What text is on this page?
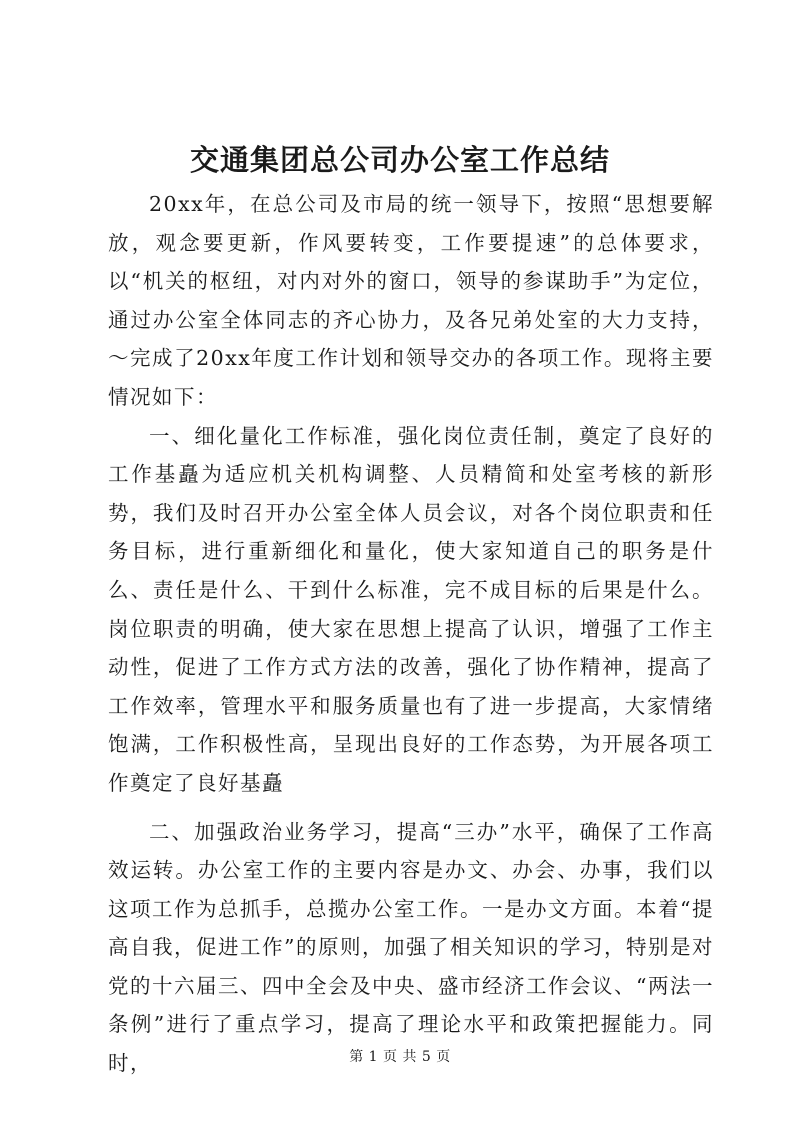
交通集团总公司办公室工作总结

20xx年，在总公司及市局的统一领导下，按照“思想要解放，观念要更新，作风要转变，工作要提速”的总体要求，以“机关的枢纽，对内对外的窗口，领导的参谋助手”为定位，通过办公室全体同志的齐心协力，及各兄弟处室的大力支持，～完成了20xx年度工作计划和领导交办的各项工作。现将主要情况如下：

一、细化量化工作标准，强化岗位责任制，奠定了良好的工作基矗为适应机关机构调整、人员精简和处室考核的新形势，我们及时召开办公室全体人员会议，对各个岗位职责和任务目标，进行重新细化和量化，使大家知道自己的职务是什么、责任是什么、干到什么标准，完不成目标的后果是什么。岗位职责的明确，使大家在思想上提高了认识，增强了工作主动性，促进了工作方式方法的改善，强化了协作精神，提高了工作效率，管理水平和服务质量也有了进一步提高，大家情绪饱满，工作积极性高，呈现出良好的工作态势，为开展各项工作奠定了良好基矗

二、加强政治业务学习，提高“三办”水平，确保了工作高效运转。办公室工作的主要内容是办文、办会、办事，我们以这项工作为总抓手，总揽办公室工作。一是办文方面。本着“提高自我，促进工作”的原则，加强了相关知识的学习，特别是对党的十六届三、四中全会及中央、盛市经济工作会议、“两法一条例”进行了重点学习，提高了理论水平和政策把握能力。同时，	第 1 页 共 5 页
